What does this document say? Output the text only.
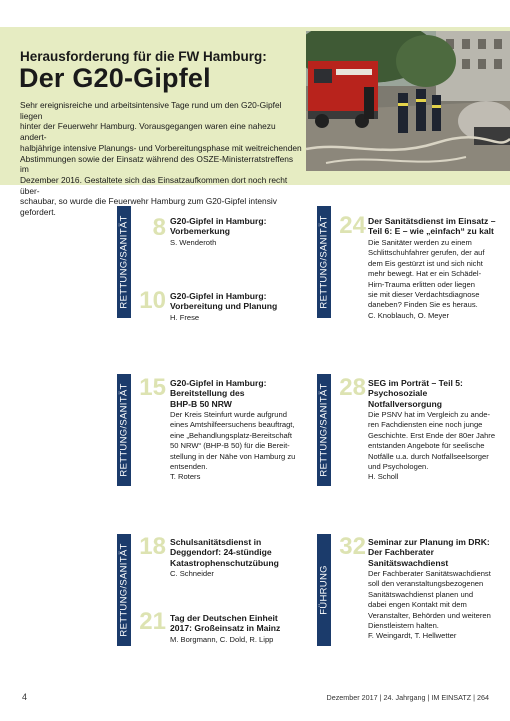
Herausforderung für die FW Hamburg:
Der G20-Gipfel
Sehr ereignisreiche und arbeitsintensive Tage rund um den G20-Gipfel liegen
hinter der Feuerwehr Hamburg. Vorausgegangen waren eine nahezu andert-
halbjährige intensive Planungs- und Vorbereitungsphase mit weitreichenden
Abstimmungen sowie der Einsatz während des OSZE-Ministerratstreffens im
Dezember 2016. Gestaltete sich das Einsatzaufkommen dort noch recht über-
schaubar, so wurde die Feuerwehr Hamburg zum G20-Gipfel intensiv gefordert.
RETTUNG/SANITÄT 8 G20-Gipfel in Hamburg:
Vorbemerkung
S. Wenderoth
10 G20-Gipfel in Hamburg:
Vorbereitung und Planung
H. Frese
RETTUNG/SANITÄT 24 Der Sanitätsdienst im Einsatz –
Teil 6: E – wie „einfach“ zu kalt
Die Sanitäter werden zu einem
Schlittschuhfahrer gerufen, der auf
dem Eis gestürzt ist und sich nicht
mehr bewegt. Hat er ein Schädel-
Hirn-Trauma erlitten oder liegen
sie mit dieser Verdachtsdiagnose
daneben? Finden Sie es heraus.
C. Knoblauch, O. Meyer
RETTUNG/SANITÄT 15 G20-Gipfel in Hamburg:
Bereitstellung des
BHP-B 50 NRW
Der Kreis Steinfurt wurde aufgrund
eines Amtshilfeersuchens beauftragt,
eine „Behandlungsplatz-Bereitschaft
50 NRW“ (BHP-B 50) für die Bereit-
stellung in der Nähe von Hamburg zu
entsenden.
T. Roters
RETTUNG/SANITÄT 28 SEG im Porträt – Teil 5:
Psychosoziale
Notfallversorgung
Die PSNV hat im Vergleich zu ande-
ren Fachdiensten eine noch junge
Geschichte. Erst Ende der 80er Jahre
entstanden Angebote für seelische
Notfälle u.a. durch Notfallseelsorger
und Psychologen.
H. Scholl
RETTUNG/SANITÄT 18 Schulsanitätsdienst in
Deggendorf: 24-stündige
Katastrophenschutzübung
C. Schneider
21 Tag der Deutschen Einheit
2017: Großeinsatz in Mainz
M. Borgmann, C. Dold, R. Lipp
FÜHRUNG
32 Seminar zur Planung im DRK:
Der Fachberater
Sanitätswachdienst
Der Fachberater Sanitätswachdienst
soll den veranstaltungsbezogenen
Sanitätswachdienst planen und
dabei engen Kontakt mit dem
Veranstalter, Behörden und weiteren
Dienstleistern halten.
F. Weingardt, T. Hellwetter
4	Dezember 2017 | 24. Jahrgang | IM EINSATZ | 264
